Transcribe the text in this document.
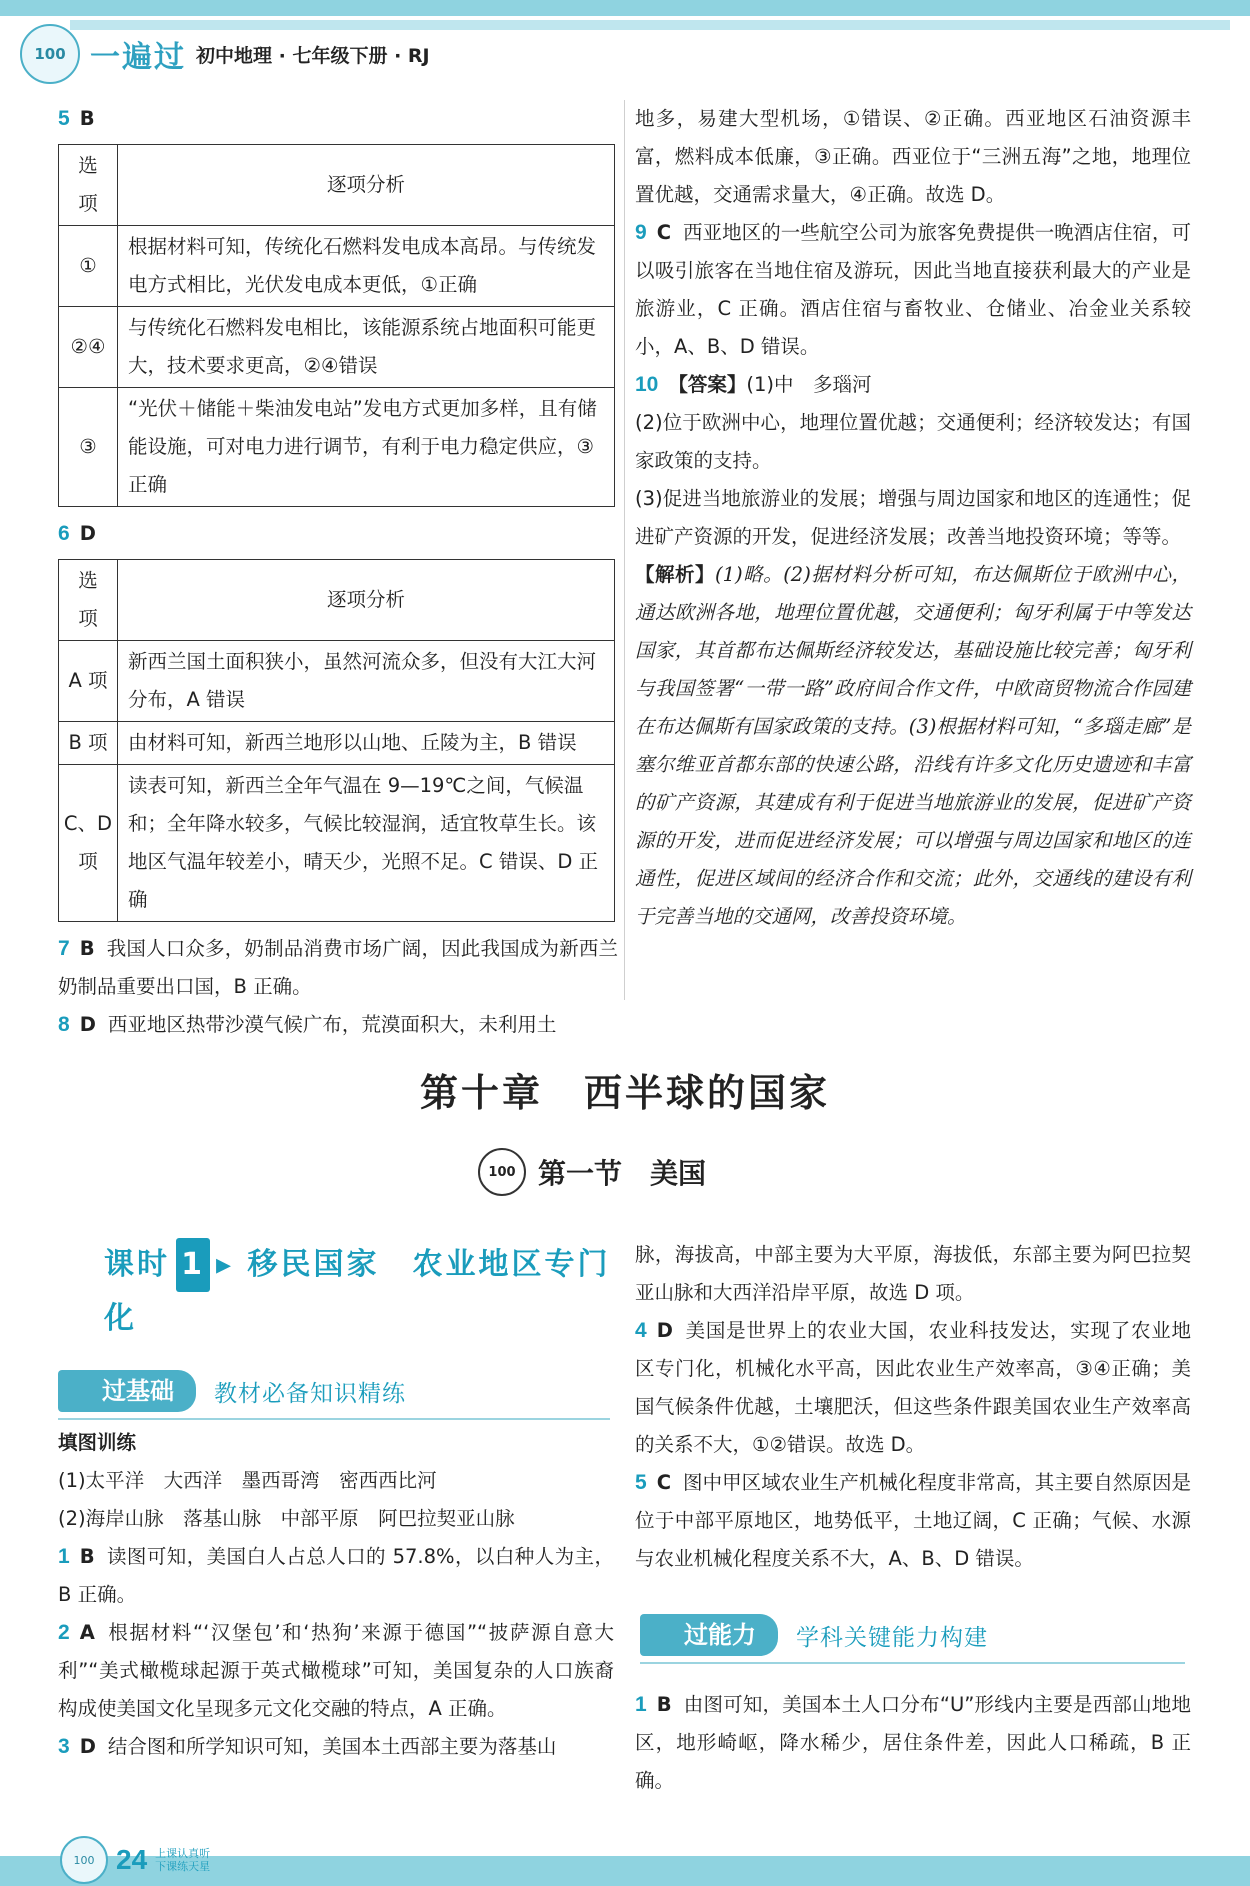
100 一遍过 初中地理 · 七年级下册 · RJ

5 B

选项	逐项分析
①	根据材料可知，传统化石燃料发电成本高昂。与传统发电方式相比，光伏发电成本更低，①正确
②④	与传统化石燃料发电相比，该能源系统占地面积可能更大，技术要求更高，②④错误
③	“光伏＋储能＋柴油发电站”发电方式更加多样，且有储能设施，可对电力进行调节，有利于电力稳定供应，③正确

6 D

选项	逐项分析
A 项	新西兰国土面积狭小，虽然河流众多，但没有大江大河分布，A 错误
B 项	由材料可知，新西兰地形以山地、丘陵为主，B 错误
C、D 项	读表可知，新西兰全年气温在 9—19℃之间，气候温和；全年降水较多，气候比较湿润，适宜牧草生长。该地区气温年较差小，晴天少，光照不足。C 错误、D 正确

7 B 我国人口众多，奶制品消费市场广阔，因此我国成为新西兰奶制品重要出口国，B 正确。

8 D 西亚地区热带沙漠气候广布，荒漠面积大，未利用土

地多，易建大型机场，①错误、②正确。西亚地区石油资源丰富，燃料成本低廉，③正确。西亚位于“三洲五海”之地，地理位置优越，交通需求量大，④正确。故选 D。

9 C 西亚地区的一些航空公司为旅客免费提供一晚酒店住宿，可以吸引旅客在当地住宿及游玩，因此当地直接获利最大的产业是旅游业，C 正确。酒店住宿与畜牧业、仓储业、冶金业关系较小，A、B、D 错误。

10 【答案】(1)中　多瑙河

(2)位于欧洲中心，地理位置优越；交通便利；经济较发达；有国家政策的支持。

(3)促进当地旅游业的发展；增强与周边国家和地区的连通性；促进矿产资源的开发，促进经济发展；改善当地投资环境；等等。

【解析】(1)略。(2)据材料分析可知，布达佩斯位于欧洲中心，通达欧洲各地，地理位置优越，交通便利；匈牙利属于中等发达国家，其首都布达佩斯经济较发达，基础设施比较完善；匈牙利与我国签署“一带一路”政府间合作文件，中欧商贸物流合作园建在布达佩斯有国家政策的支持。(3)根据材料可知，“多瑙走廊”是塞尔维亚首都东部的快速公路，沿线有许多文化历史遗迹和丰富的矿产资源，其建成有利于促进当地旅游业的发展，促进矿产资源的开发，进而促进经济发展；可以增强与周边国家和地区的连通性，促进区域间的经济合作和交流；此外，交通线的建设有利于完善当地的交通网，改善投资环境。

第十章　西半球的国家
100 第一节　美国
课时 1 ▸ 移民国家　农业地区专门化
过基础	教材必备知识精练

填图训练

(1)太平洋　大西洋　墨西哥湾　密西西比河

(2)海岸山脉　落基山脉　中部平原　阿巴拉契亚山脉

1 B 读图可知，美国白人占总人口的 57.8%，以白种人为主，B 正确。

2 A 根据材料“‘汉堡包’和‘热狗’来源于德国”“披萨源自意大利”“美式橄榄球起源于英式橄榄球”可知，美国复杂的人口族裔构成使美国文化呈现多元文化交融的特点，A 正确。

3 D 结合图和所学知识可知，美国本土西部主要为落基山

脉，海拔高，中部主要为大平原，海拔低，东部主要为阿巴拉契亚山脉和大西洋沿岸平原，故选 D 项。

4 D 美国是世界上的农业大国，农业科技发达，实现了农业地区专门化，机械化水平高，因此农业生产效率高，③④正确；美国气候条件优越，土壤肥沃，但这些条件跟美国农业生产效率高的关系不大，①②错误。故选 D。

5 C 图中甲区域农业生产机械化程度非常高，其主要自然原因是位于中部平原地区，地势低平，土地辽阔，C 正确；气候、水源与农业机械化程度关系不大，A、B、D 错误。

过能力	学科关键能力构建

1 B 由图可知，美国本土人口分布“U”形线内主要是西部山地地区，地形崎岖，降水稀少，居住条件差，因此人口稀疏，B 正确。

100 24 上课认真听
下课练天星
